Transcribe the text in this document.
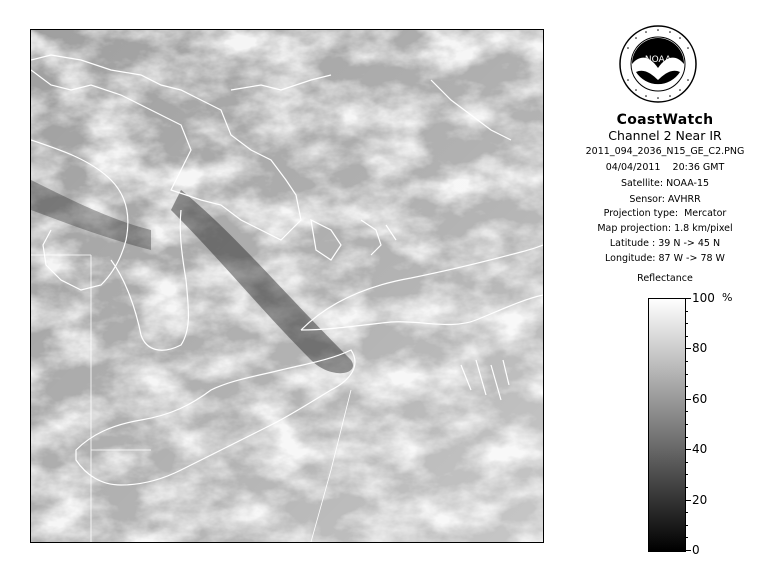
NOAA
CoastWatch
Channel 2 Near IR
2011_094_2036_N15_GE_C2.PNG
04/04/2011    20:36 GMT
Satellite: NOAA-15
Sensor: AVHRR
Projection type:  Mercator
Map projection: 1.8 km/pixel
Latitude : 39 N -> 45 N
Longitude: 87 W -> 78 W
Reflectance
%
100
80
60
40
20
0
